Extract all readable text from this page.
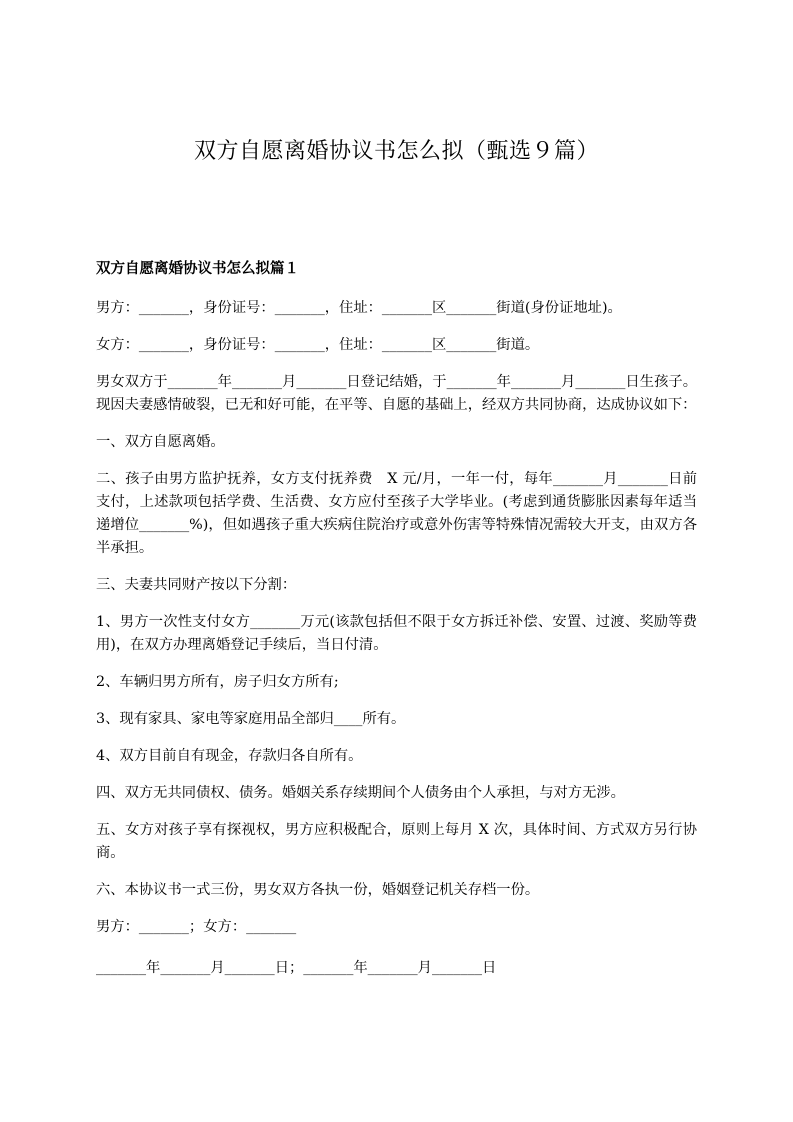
双方自愿离婚协议书怎么拟（甄选９篇）
双方自愿离婚协议书怎么拟篇１

男方：_______，身份证号：_______，住址：_______区_______街道(身份证地址)。

女方：_______，身份证号：_______，住址：_______区_______街道。

男女双方于_______年_______月_______日登记结婚，于_______年_______月_______日生孩子。现因夫妻感情破裂，已无和好可能，在平等、自愿的基础上，经双方共同协商，达成协议如下：

一、双方自愿离婚。

二、孩子由男方监护抚养，女方支付抚养费　X 元/月，一年一付，每年_______月_______日前支付，上述款项包括学费、生活费、女方应付至孩子大学毕业。(考虑到通货膨胀因素每年适当递增位_______%)，但如遇孩子重大疾病住院治疗或意外伤害等特殊情况需较大开支，由双方各半承担。

三、夫妻共同财产按以下分割：

1、男方一次性支付女方_______万元(该款包括但不限于女方拆迁补偿、安置、过渡、奖励等费用)，在双方办理离婚登记手续后，当日付清。

2、车辆归男方所有，房子归女方所有;

3、现有家具、家电等家庭用品全部归____所有。

4、双方目前自有现金，存款归各自所有。

四、双方无共同债权、债务。婚姻关系存续期间个人债务由个人承担，与对方无涉。

五、女方对孩子享有探视权，男方应积极配合，原则上每月 X 次，具体时间、方式双方另行协商。

六、本协议书一式三份，男女双方各执一份，婚姻登记机关存档一份。

男方：_______；女方：_______

_______年_______月_______日；_______年_______月_______日
